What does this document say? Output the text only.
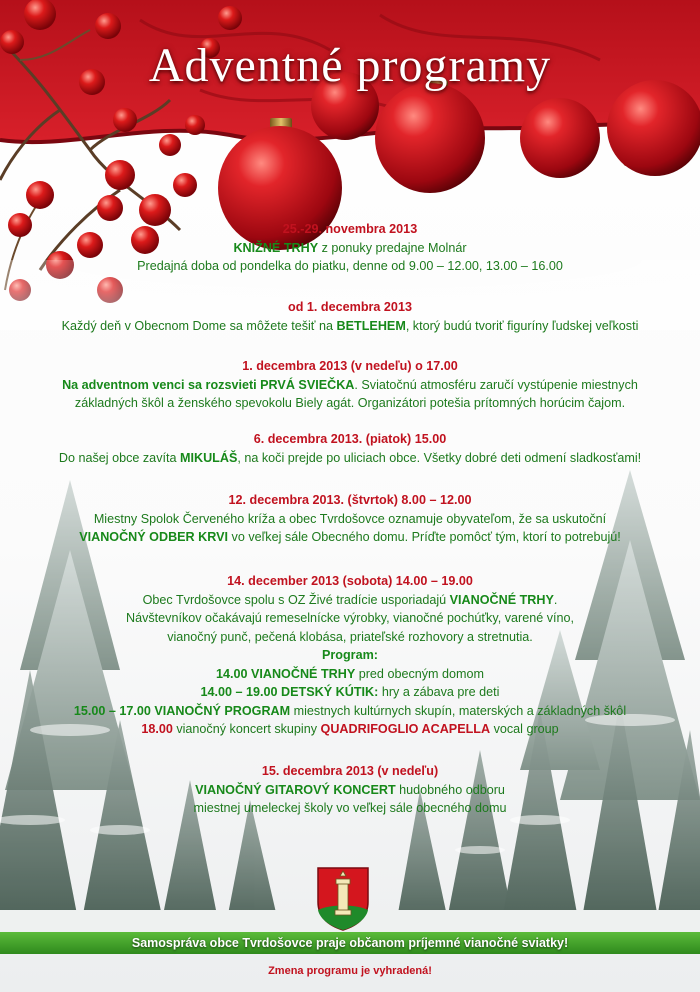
Adventné programy
25.-29. novembra 2013
KNIŽNÉ TRHY z ponuky predajne Molnár
Predajná doba od pondelka do piatku, denne od 9.00 – 12.00, 13.00 – 16.00
od 1. decembra 2013
Každý deň v Obecnom Dome sa môžete tešiť na BETLEHEM, ktorý budú tvoriť figuríny ľudskej veľkosti
1. decembra 2013 (v nedeľu) o 17.00
Na adventnom venci sa rozsvieti PRVÁ SVIEČKA. Sviatočnú atmosféru zaručí vystúpenie miestnych
základných škôl a ženského spevokolu Biely agát. Organizátori potešia prítomných horúcim čajom.
6. decembra 2013. (piatok) 15.00
Do našej obce zavíta MIKULÁŠ, na koči prejde po uliciach obce. Všetky dobré deti odmení sladkosťami!
12. decembra 2013. (štvrtok) 8.00 – 12.00
Miestny Spolok Červeného kríža a obec Tvrdošovce oznamuje obyvateľom, že sa uskutoční
VIANOČNÝ ODBER KRVI vo veľkej sále Obecného domu. Príďte pomôcť tým, ktorí to potrebujú!
14. december 2013 (sobota) 14.00 – 19.00
Obec Tvrdošovce spolu s OZ Živé tradície usporiadajú VIANOČNÉ TRHY.
Návštevníkov očakávajú remeselnícke výrobky, vianočné pochúťky, varené víno,
vianočný punč, pečená klobása, priateľské rozhovory a stretnutia.
Program:
14.00 VIANOČNÉ TRHY pred obecným domom
14.00 – 19.00 DETSKÝ KÚTIK: hry a zábava pre deti
15.00 – 17.00 VIANOČNÝ PROGRAM miestnych kultúrnych skupín, materských a základných škôl
18.00 vianočný koncert skupiny QUADRIFOGLIO ACAPELLA vocal group
15. decembra 2013 (v nedeľu)
VIANOČNÝ GITAROVÝ KONCERT hudobného odboru
miestnej umeleckej školy vo veľkej sále obecného domu
Samospráva obce Tvrdošovce praje občanom príjemné vianočné sviatky!
Zmena programu je vyhradená!
